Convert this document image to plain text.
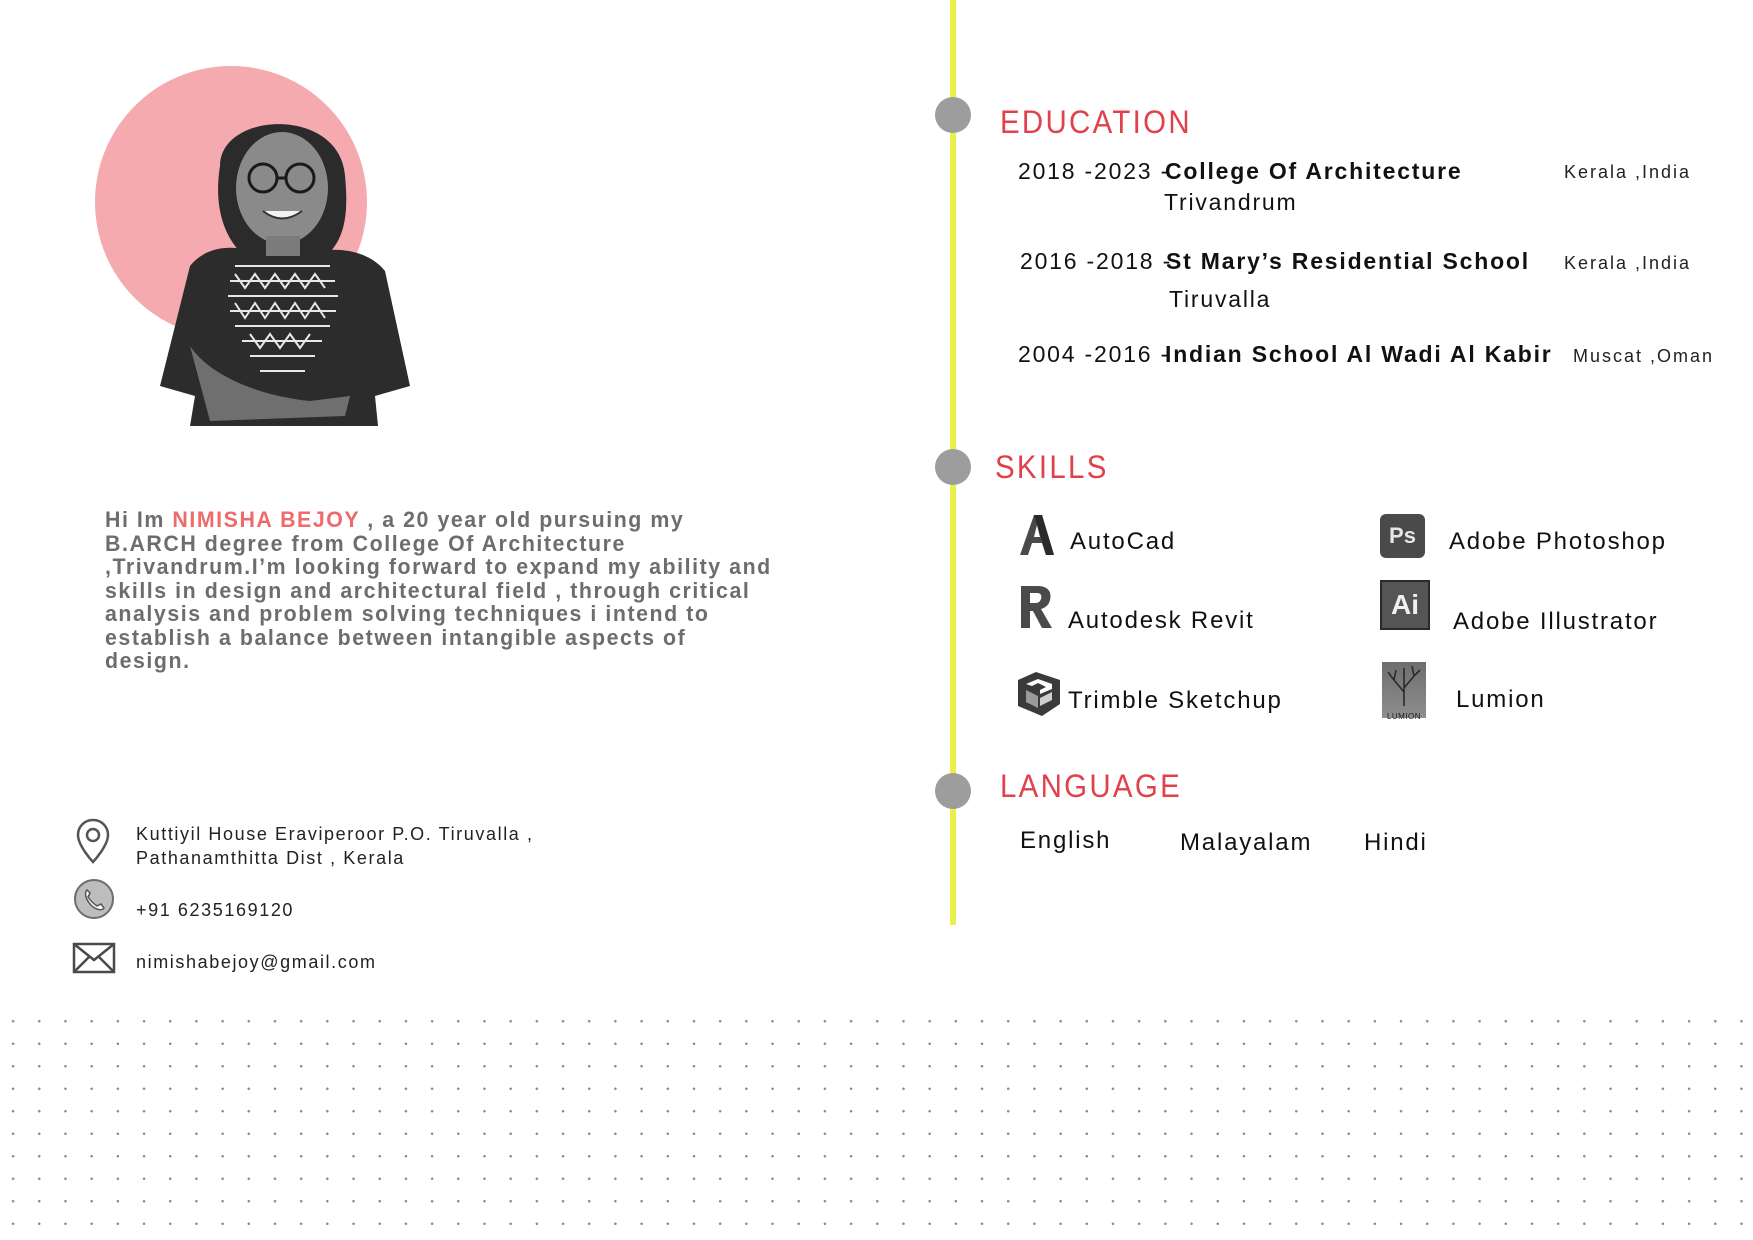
Hi Im NIMISHA BEJOY , a 20 year old pursuing my B.ARCH degree from College Of Architecture ,Trivandrum.I’m looking forward to expand my ability and skills in design and architectural field , through critical analysis and problem solving techniques i intend to establish a balance between intangible aspects of design.
Kuttiyil House Eraviperoor P.O. Tiruvalla ,
Pathanamthitta Dist , Kerala
+91 6235169120
nimishabejoy@gmail.com
EDUCATION
2018 -2023 -
College Of Architecture
Trivandrum
Kerala ,India
2016 -2018 -
St Mary’s Residential School
Tiruvalla
Kerala ,India
2004 -2016 -
Indian School Al Wadi Al Kabir Muscat ,Oman
SKILLS
AutoCad
Autodesk Revit
Trimble Sketchup
Ps	Adobe Photoshop
Ai
Adobe Illustrator
LUMION
Lumion
LANGUAGE
English	Malayalam Hindi
